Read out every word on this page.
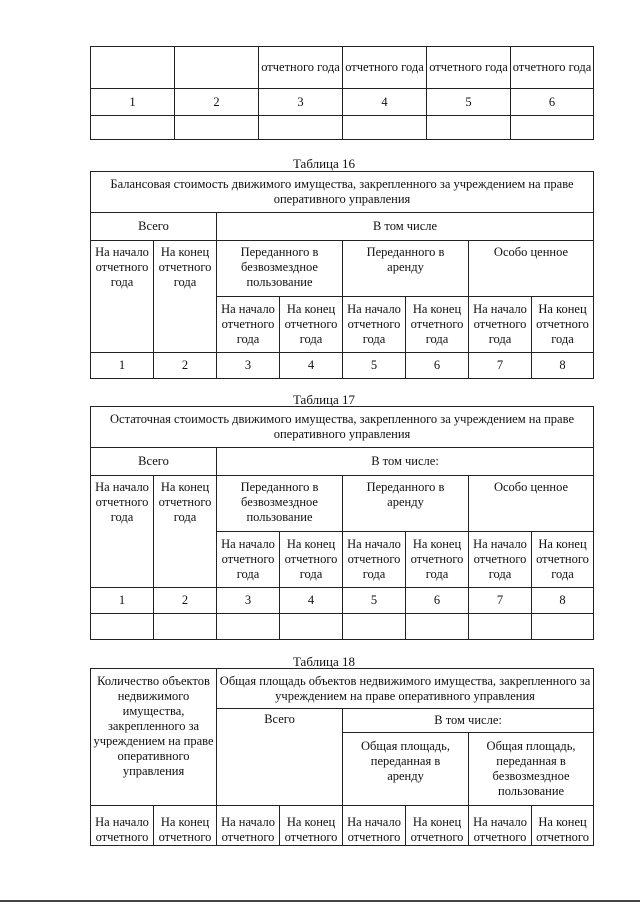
		отчетного года	отчетного года	отчетного года	отчетного года
1	2	3	4	5	6

Таблица 16
Балансовая стоимость движимого имущества, закрепленного за учреждением на праве оперативного управления							
Всего		В том числе					
На начало отчетного года	На конец отчетного года	Переданного в безвозмездное пользование		Переданного в аренду		Особо ценное	
		На начало отчетного года	На конец отчетного года	На начало отчетного года	На конец отчетного года	На начало отчетного года	На конец отчетного года
1	2	3	4	5	6	7	8
Таблица 17
Остаточная стоимость движимого имущества, закрепленного за учреждением на праве оперативного управления							
Всего		В том числе:					
На начало отчетного года	На конец отчетного года	Переданного в безвозмездное пользование		Переданного в аренду		Особо ценное	
		На начало отчетного года	На конец отчетного года	На начало отчетного года	На конец отчетного года	На начало отчетного года	На конец отчетного года
1	2	3	4	5	6	7	8

Таблица 18
Количество объектов недвижимого имущества, закрепленного за учреждением на праве оперативного управления		Общая площадь объектов недвижимого имущества, закрепленного за учреждением на праве оперативного управления					
		Всего		В том числе:			
				Общая площадь, переданная в аренду		Общая площадь, переданная в безвозмездное пользование	
На начало отчетного	На конец отчетного	На начало отчетного	На конец отчетного	На начало отчетного	На конец отчетного	На начало отчетного	На конец отчетного
